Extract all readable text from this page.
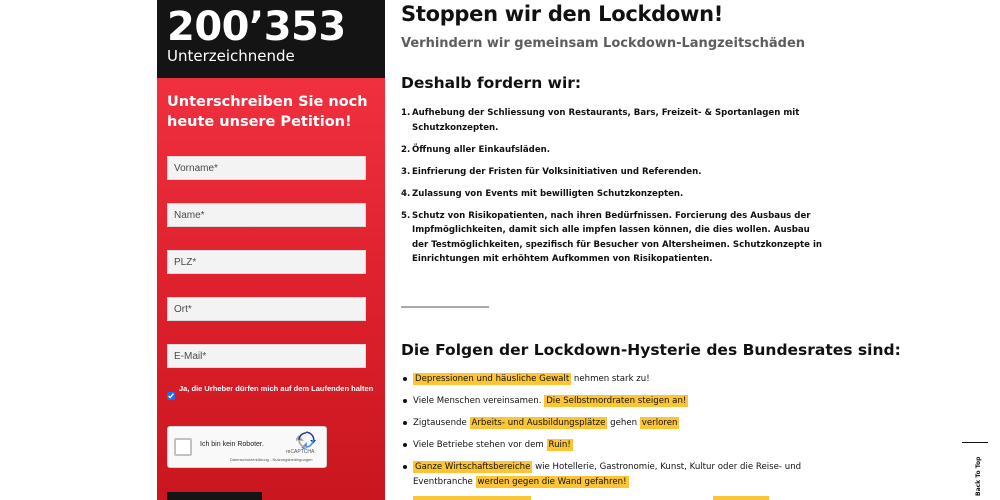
200’353
Unterzeichnende
Unterschreiben Sie noch heute unsere Petition!
Vorname*
Name*
PLZ*
Ort*
E-Mail*
Ja, die Urheber dürfen mich auf dem Laufenden halten
Ich bin kein Roboter.
reCAPTCHA
Datenschutzerklärung - Nutzungsbedingungen
Stoppen wir den Lockdown!
Verhindern wir gemeinsam Lockdown-Langzeitschäden
Deshalb fordern wir:
1. Aufhebung der Schliessung von Restaurants, Bars, Freizeit- & Sportanlagen mit Schutzkonzepten.
2. Öffnung aller Einkaufsläden.
3. Einfrierung der Fristen für Volksinitiativen und Referenden.
4. Zulassung von Events mit bewilligten Schutzkonzepten.
5. Schutz von Risikopatienten, nach ihren Bedürfnissen. Forcierung des Ausbaus der Impfmöglichkeiten, damit sich alle impfen lassen können, die dies wollen. Ausbau der Testmöglichkeiten, spezifisch für Besucher von Altersheimen. Schutzkonzepte in Einrichtungen mit erhöhtem Aufkommen von Risikopatienten.
Die Folgen der Lockdown-Hysterie des Bundesrates sind:
Depressionen und häusliche Gewalt nehmen stark zu!
Viele Menschen vereinsamen. Die Selbstmordraten steigen an!
Zigtausende Arbeits- und Ausbildungsplätze gehen verloren
Viele Betriebe stehen vor dem Ruin!
Ganze Wirtschaftsbereiche wie Hotellerie, Gastronomie, Kunst, Kultur oder die Reise- und Eventbranche werden gegen die Wand gefahren!	Back To Top
